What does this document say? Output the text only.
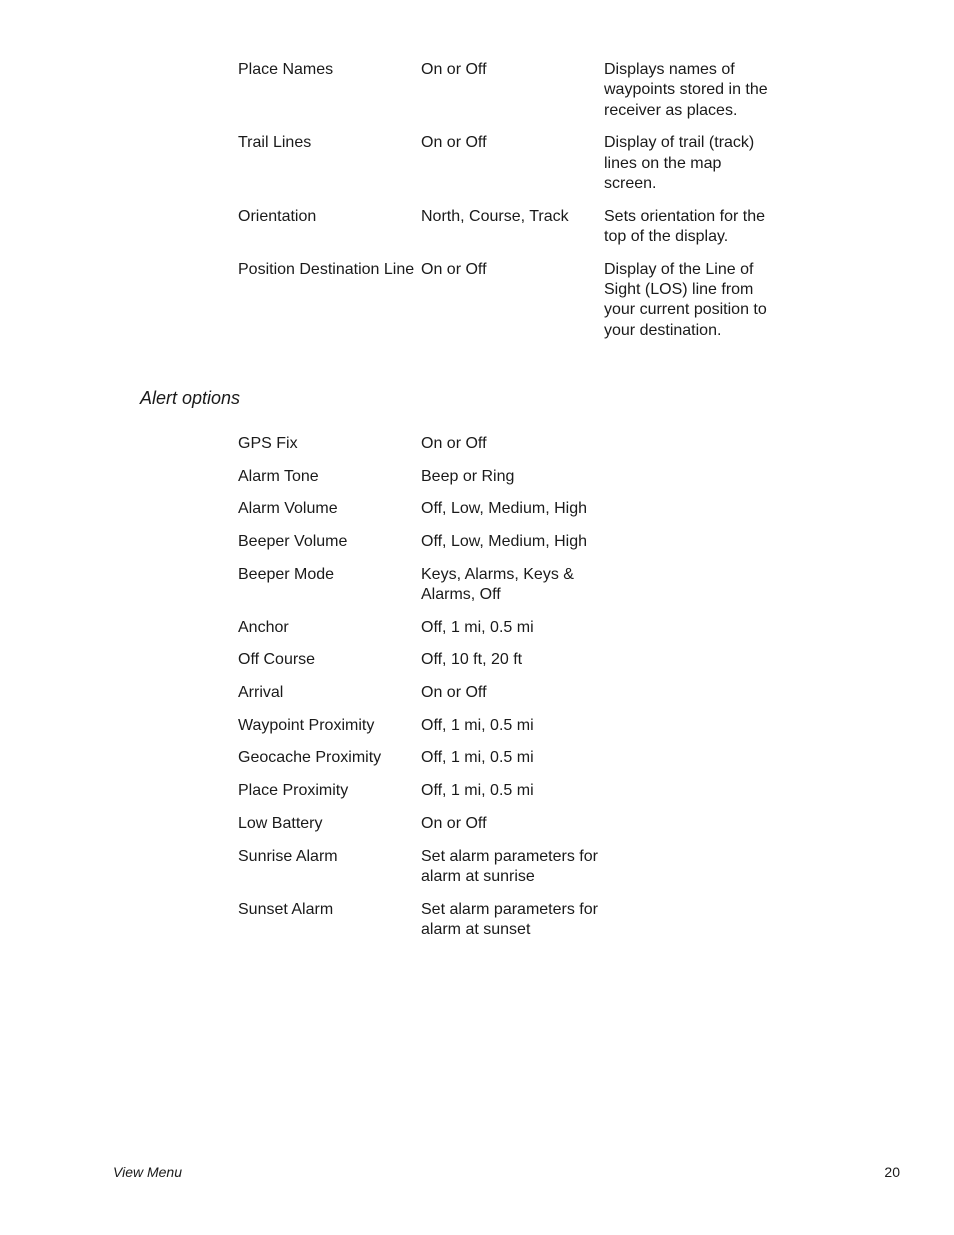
Place Names	On or Off	Displays names of waypoints stored in the receiver as places.
Trail Lines	On or Off	Display of trail (track) lines on the map screen.
Orientation	North, Course, Track	Sets orientation for the top of the display.
Position Destination Line On or Off	Display of the Line of Sight (LOS) line from your current position to your destination.
Alert options
GPS Fix	On or Off
Alarm Tone	Beep or Ring
Alarm Volume	Off, Low, Medium, High
Beeper Volume	Off, Low, Medium, High
Beeper Mode	Keys, Alarms, Keys & Alarms, Off
Anchor	Off, 1 mi, 0.5 mi
Off Course	Off, 10 ft, 20 ft
Arrival	On or Off
Waypoint Proximity	Off, 1 mi, 0.5 mi
Geocache Proximity	Off, 1 mi, 0.5 mi
Place Proximity	Off, 1 mi, 0.5 mi
Low Battery	On or Off
Sunrise Alarm	Set alarm parameters for alarm at sunrise
Sunset Alarm	Set alarm parameters for alarm at sunset
View Menu	20
